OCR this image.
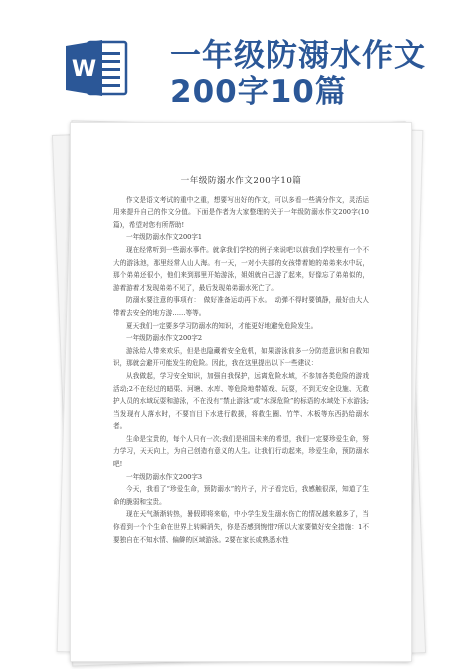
W 一年级防溺水作文
200字10篇
一年级防溺水作文200字10篇

作文是语文考试的重中之重，想要写出好的作文，可以多看一些满分作文，灵活运用来提升自己的作文分值。下面是作者为大家整理的关于一年级防溺水作文200字(10篇)，希望对您有所帮助!

一年级防溺水作文200字1

现在经常听到一些溺水事件。就拿我们学校的例子来说吧!以前我们学校里有一个不大的游泳池，那里经常人山人海。有一天，一对小夫部的女孩带着她的弟弟来水中玩，那个弟弟还很小，他们来到那里开始游泳，姐姐就自己游了起来，好像忘了弟弟似的，游着游着才发现弟弟不见了，最后发现弟弟溺水死亡了。

防溺水要注意的事项有：　做好准备运动再下水。　动弹不得时要镇静，最好由大人带着去安全的地方游……等等。

夏天我们一定要多学习防溺水的知识，才能更好地避免危险发生。

一年级防溺水作文200字2

游泳给人带来欢乐，但是也隐藏着安全危机，如果游泳前多一分防范意识和自救知识，那就会避开可能发生的危险。因此，我在这里提出以下一些建议：

从我做起，学习安全知识，加强自我保护，远离危险水域，不参加各类危险的游戏活动;2不在经过的暗渠、河塘、水库、等危险地带嬉戏、玩耍，不到无安全设施、无救护人员的水域玩耍和游泳，不在没有“禁止游泳”或“水深危险”的标语的水域处下水游泳;当发现有人落水时，不要盲目下水进行救援，将救生圈、竹竿、木板等东西扔给溺水者。

生命是宝贵的，每个人只有一次;我们是祖国未来的希望，我们一定要珍爱生命，努力学习，天天向上，为自己创造有意义的人生。让我们行动起来，珍爱生命，预防溺水吧!

一年级防溺水作文200字3

今天，我看了“珍爱生命，预防溺水”的片子，片子看完后，我感触很深，知道了生命的脆弱和宝贵。

现在天气渐渐转热，暑假即将来临，中小学生发生溺水伤亡的情况越来越多了，当你看到一个个生命在世界上转瞬消失，你是否感到惋惜?所以大家要做好安全措施：1不要独自在不知水情、偏僻的区域游泳。2要在家长或熟悉水性
